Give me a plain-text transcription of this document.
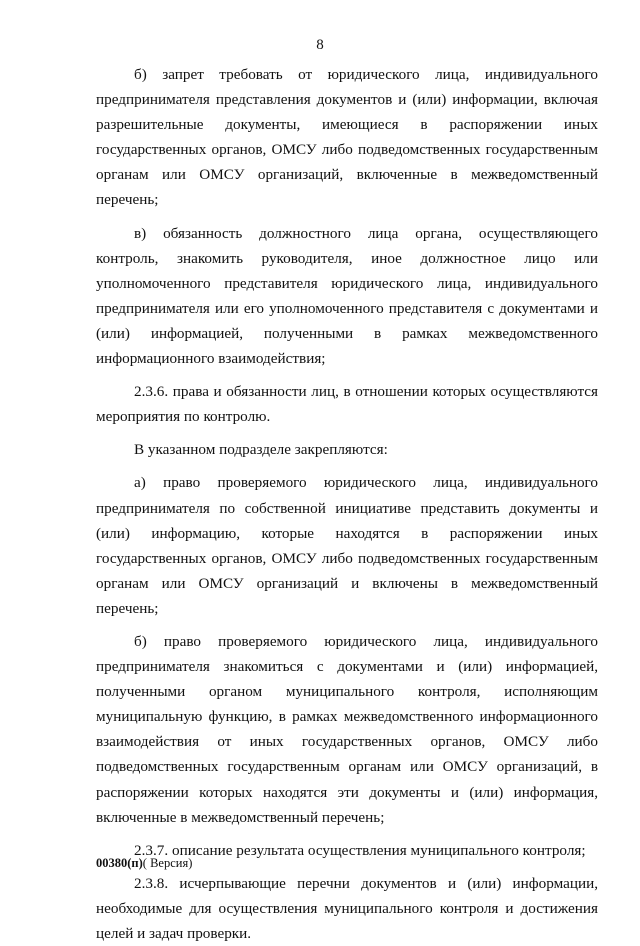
8

б) запрет требовать от юридического лица, индивидуального предпринимателя представления документов и (или) информации, включая разрешительные документы, имеющиеся в распоряжении иных государственных органов, ОМСУ либо подведомственных государственным органам или ОМСУ организаций, включенные в межведомственный перечень;

в) обязанность должностного лица органа, осуществляющего контроль, знакомить руководителя, иное должностное лицо или уполномоченного представителя юридического лица, индивидуального предпринимателя или его уполномоченного представителя с документами и (или) информацией, полученными в рамках межведомственного информационного взаимодействия;

2.3.6. права и обязанности лиц, в отношении которых осуществляются мероприятия по контролю.

В указанном подразделе закрепляются:

а) право проверяемого юридического лица, индивидуального предпринимателя по собственной инициативе представить документы и (или) информацию, которые находятся в распоряжении иных государственных органов, ОМСУ либо подведомственных государственным органам или ОМСУ организаций и включены в межведомственный перечень;

б) право проверяемого юридического лица, индивидуального предпринимателя знакомиться с документами и (или) информацией, полученными органом муниципального контроля, исполняющим муниципальную функцию, в рамках межведомственного информационного взаимодействия от иных государственных органов, ОМСУ либо подведомственных государственным органам или ОМСУ организаций, в распоряжении которых находятся эти документы и (или) информация, включенные в межведомственный перечень;

2.3.7. описание результата осуществления муниципального контроля;

2.3.8. исчерпывающие перечни документов и (или) информации, необходимые для осуществления муниципального контроля и достижения целей и задач проверки.

00380(п)( Версия)
